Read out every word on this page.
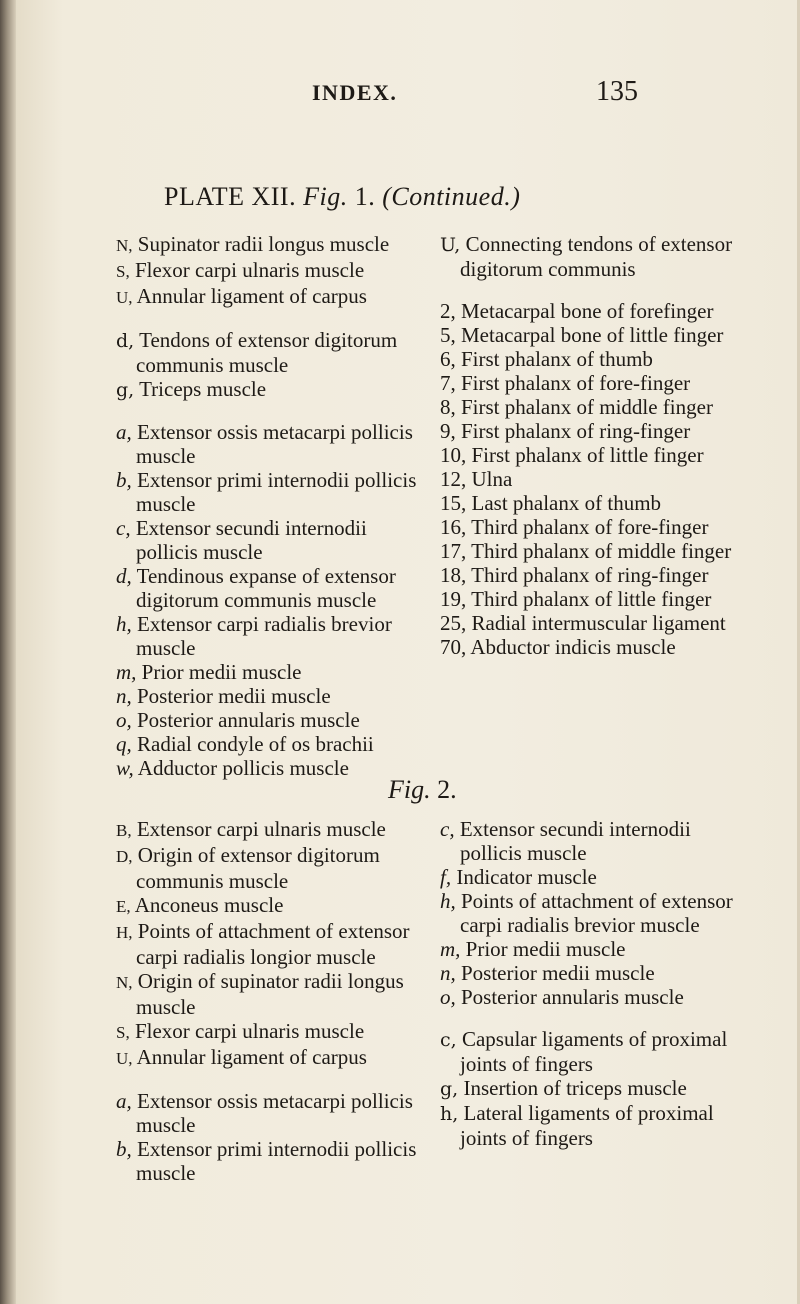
INDEX.	135
PLATE XII. Fig. 1. (Continued.)

N, Supinator radii longus muscle

S, Flexor carpi ulnaris muscle

U, Annular ligament of carpus

d, Tendons of extensor digitorum communis muscle

g, Triceps muscle

a, Extensor ossis metacarpi pollicis muscle

b, Extensor primi internodii pollicis muscle

c, Extensor secundi internodii pollicis muscle

d, Tendinous expanse of extensor digitorum communis muscle

h, Extensor carpi radialis brevior muscle

m, Prior medii muscle

n, Posterior medii muscle

o, Posterior annularis muscle

q, Radial condyle of os brachii

w, Adductor pollicis muscle

U, Connecting tendons of extensor digitorum communis

2, Metacarpal bone of forefinger

5, Metacarpal bone of little finger

6, First phalanx of thumb

7, First phalanx of fore-finger

8, First phalanx of middle finger

9, First phalanx of ring-finger

10, First phalanx of little finger

12, Ulna

15, Last phalanx of thumb

16, Third phalanx of fore-finger

17, Third phalanx of middle finger

18, Third phalanx of ring-finger

19, Third phalanx of little finger

25, Radial intermuscular ligament

70, Abductor indicis muscle

Fig. 2.

B, Extensor carpi ulnaris muscle

D, Origin of extensor digitorum communis muscle

E, Anconeus muscle

H, Points of attachment of extensor carpi radialis longior muscle

N, Origin of supinator radii longus muscle

S, Flexor carpi ulnaris muscle

U, Annular ligament of carpus

a, Extensor ossis metacarpi pollicis muscle

b, Extensor primi internodii pollicis muscle

c, Extensor secundi internodii pollicis muscle

f, Indicator muscle

h, Points of attachment of extensor carpi radialis brevior muscle

m, Prior medii muscle

n, Posterior medii muscle

o, Posterior annularis muscle

c, Capsular ligaments of proximal joints of fingers

g, Insertion of triceps muscle

h, Lateral ligaments of proximal joints of fingers
